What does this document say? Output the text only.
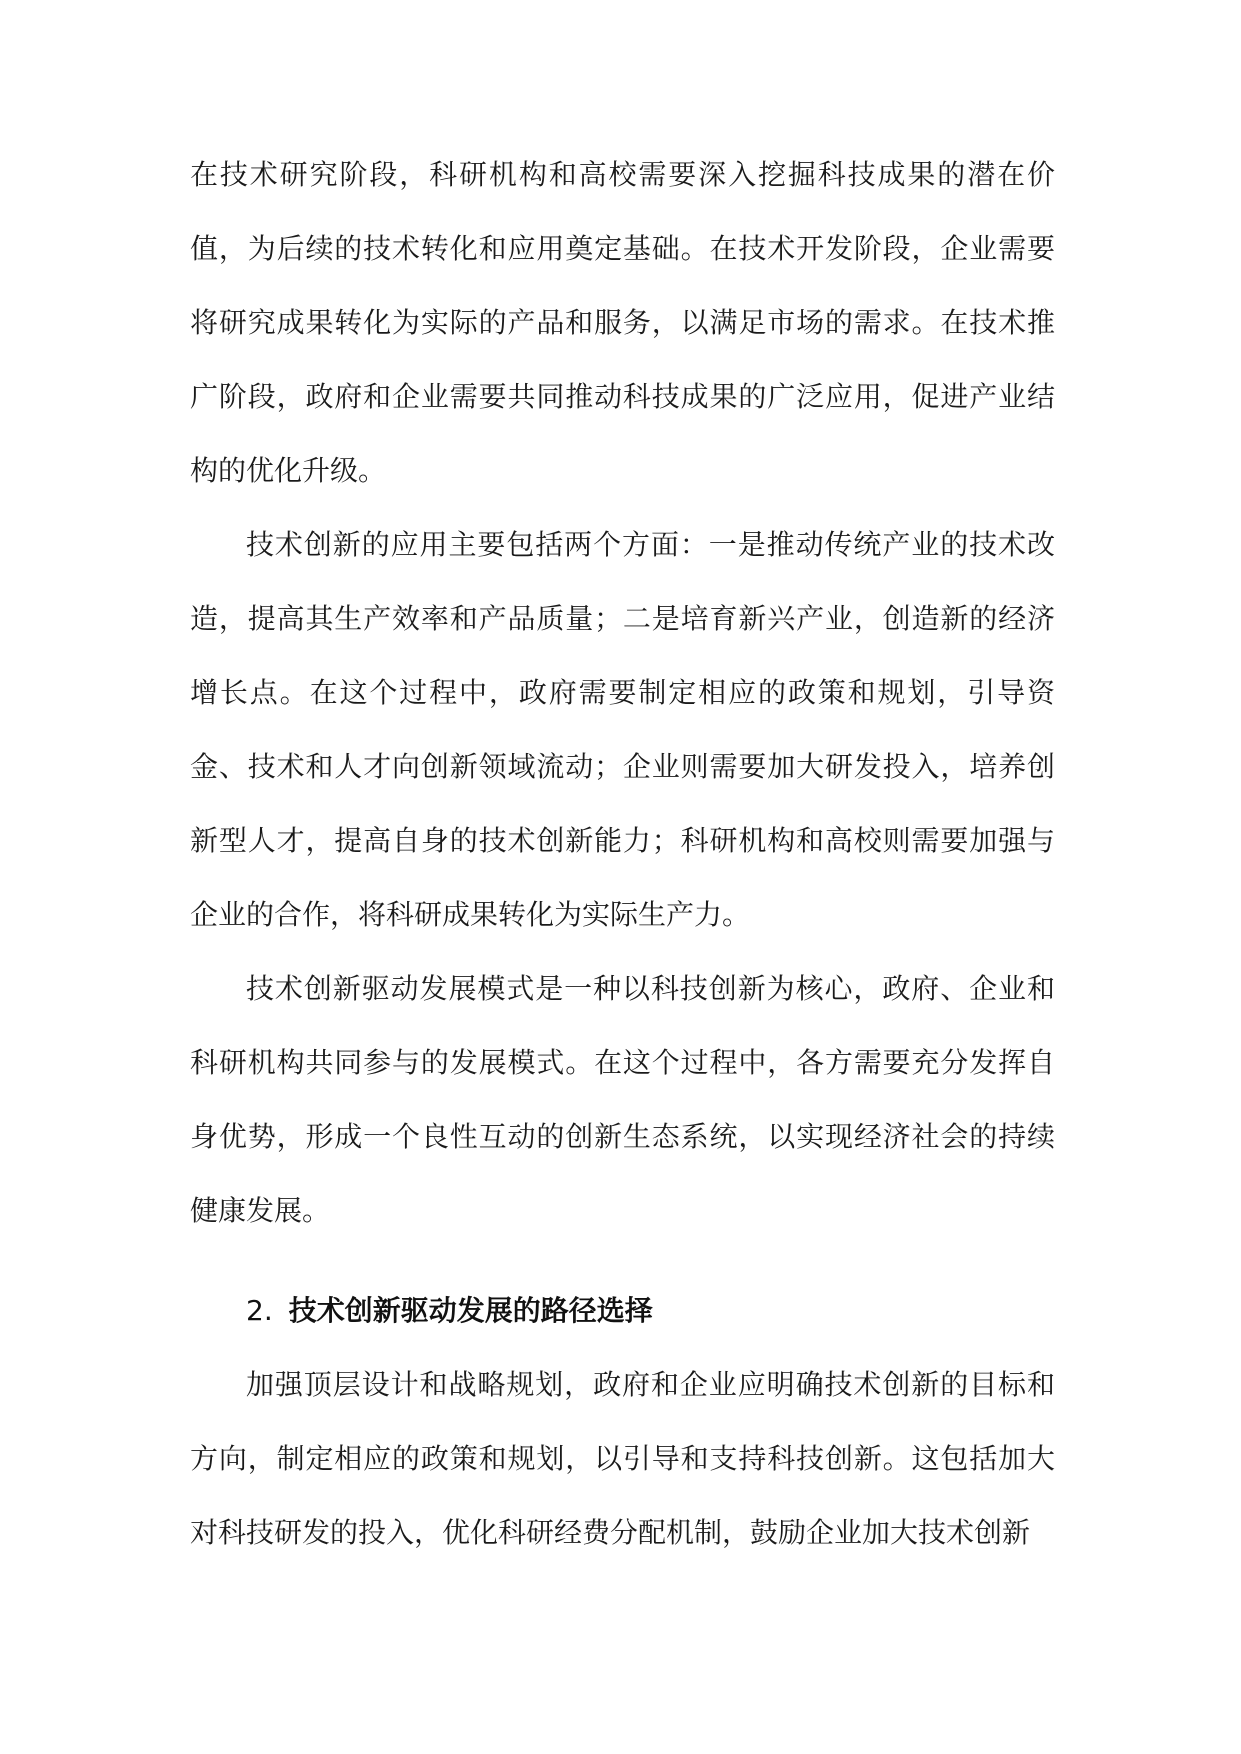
在技术研究阶段，科研机构和高校需要深入挖掘科技成果的潜在价值，为后续的技术转化和应用奠定基础。在技术开发阶段，企业需要将研究成果转化为实际的产品和服务，以满足市场的需求。在技术推广阶段，政府和企业需要共同推动科技成果的广泛应用，促进产业结构的优化升级。

技术创新的应用主要包括两个方面：一是推动传统产业的技术改造，提高其生产效率和产品质量；二是培育新兴产业，创造新的经济增长点。在这个过程中，政府需要制定相应的政策和规划，引导资金、技术和人才向创新领域流动；企业则需要加大研发投入，培养创新型人才，提高自身的技术创新能力；科研机构和高校则需要加强与企业的合作，将科研成果转化为实际生产力。

技术创新驱动发展模式是一种以科技创新为核心，政府、企业和科研机构共同参与的发展模式。在这个过程中，各方需要充分发挥自身优势，形成一个良性互动的创新生态系统，以实现经济社会的持续健康发展。

2. 技术创新驱动发展的路径选择

加强顶层设计和战略规划，政府和企业应明确技术创新的目标和方向，制定相应的政策和规划，以引导和支持科技创新。这包括加大对科技研发的投入，优化科研经费分配机制，鼓励企业加大技术创新
